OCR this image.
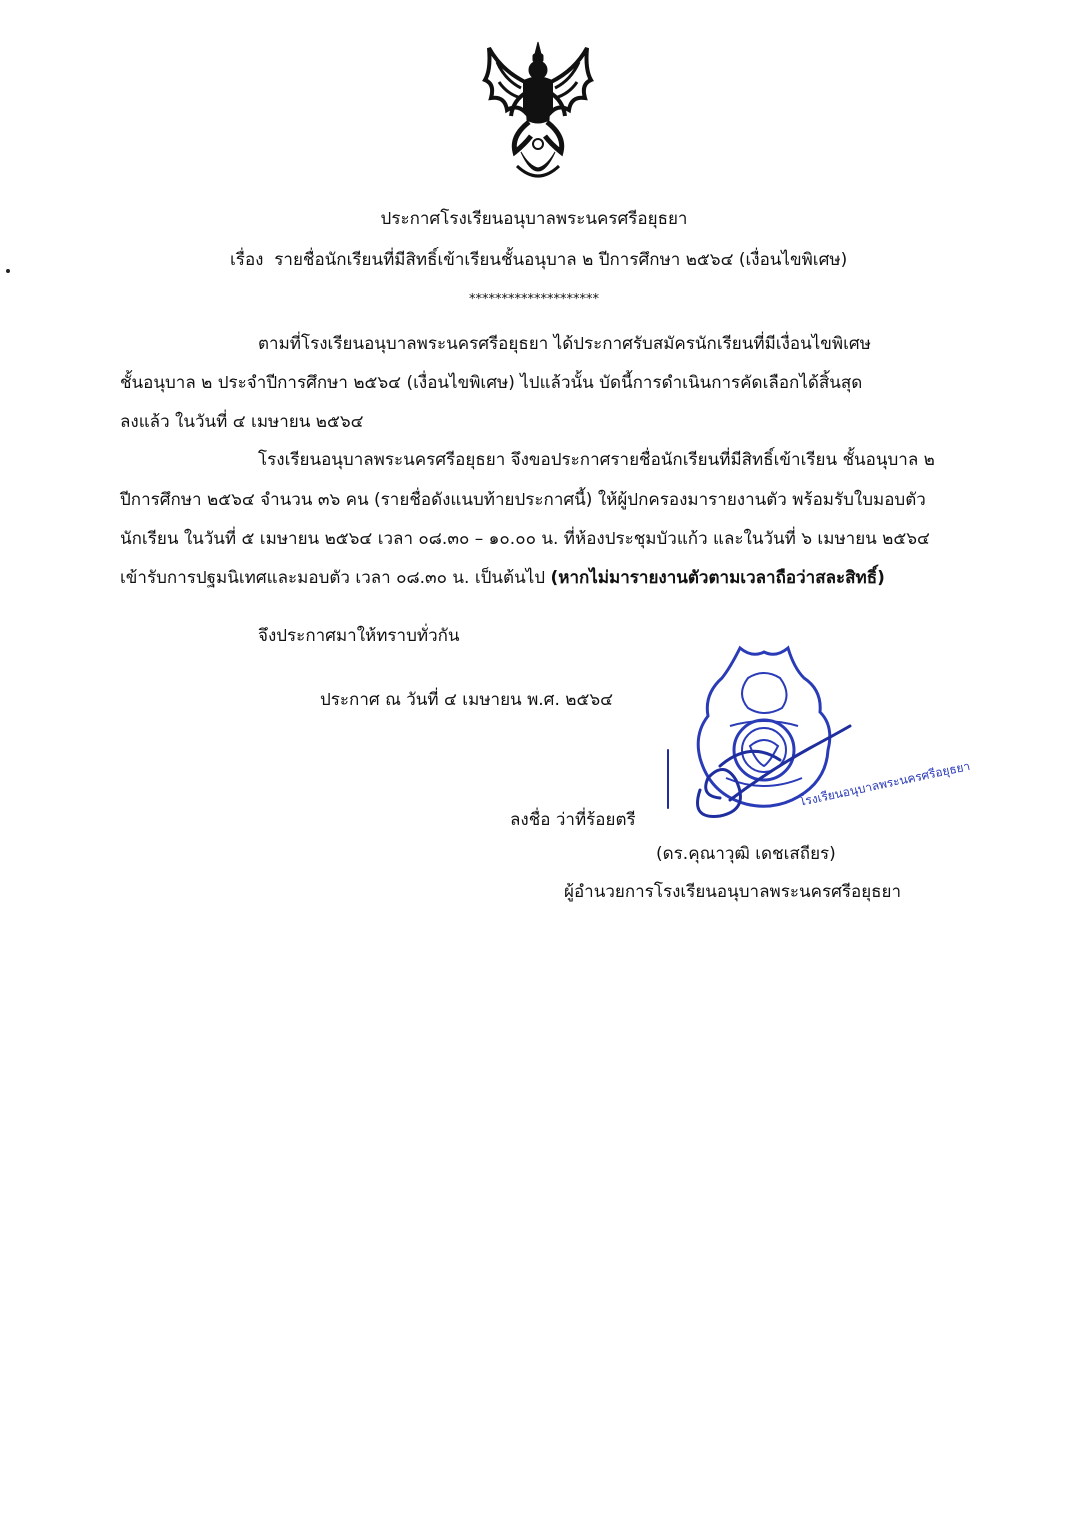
ประกาศโรงเรียนอนุบาลพระนครศรีอยุธยา
เรื่อง รายชื่อนักเรียนที่มีสิทธิ์เข้าเรียนชั้นอนุบาล ๒ ปีการศึกษา ๒๕๖๔ (เงื่อนไขพิเศษ)
********************
ตามที่โรงเรียนอนุบาลพระนครศรีอยุธยา ได้ประกาศรับสมัครนักเรียนที่มีเงื่อนไขพิเศษ
ชั้นอนุบาล ๒ ประจำปีการศึกษา ๒๕๖๔ (เงื่อนไขพิเศษ) ไปแล้วนั้น บัดนี้การดำเนินการคัดเลือกได้สิ้นสุด
ลงแล้ว ในวันที่ ๔ เมษายน ๒๕๖๔
โรงเรียนอนุบาลพระนครศรีอยุธยา จึงขอประกาศรายชื่อนักเรียนที่มีสิทธิ์เข้าเรียน ชั้นอนุบาล ๒
ปีการศึกษา ๒๕๖๔ จำนวน ๓๖ คน (รายชื่อดังแนบท้ายประกาศนี้) ให้ผู้ปกครองมารายงานตัว พร้อมรับใบมอบตัว
นักเรียน ในวันที่ ๕ เมษายน ๒๕๖๔ เวลา ๐๘.๓๐ – ๑๐.๐๐ น. ที่ห้องประชุมบัวแก้ว และในวันที่ ๖ เมษายน ๒๕๖๔
เข้ารับการปฐมนิเทศและมอบตัว เวลา ๐๘.๓๐ น. เป็นต้นไป (หากไม่มารายงานตัวตามเวลาถือว่าสละสิทธิ์)
จึงประกาศมาให้ทราบทั่วกัน
ประกาศ ณ วันที่ ๔ เมษายน พ.ศ. ๒๕๖๔
โรงเรียนอนุบาลพระนครศรีอยุธยา
ลงชื่อ ว่าที่ร้อยตรี
(ดร.คุณาวุฒิ เดชเสถียร)
ผู้อำนวยการโรงเรียนอนุบาลพระนครศรีอยุธยา
